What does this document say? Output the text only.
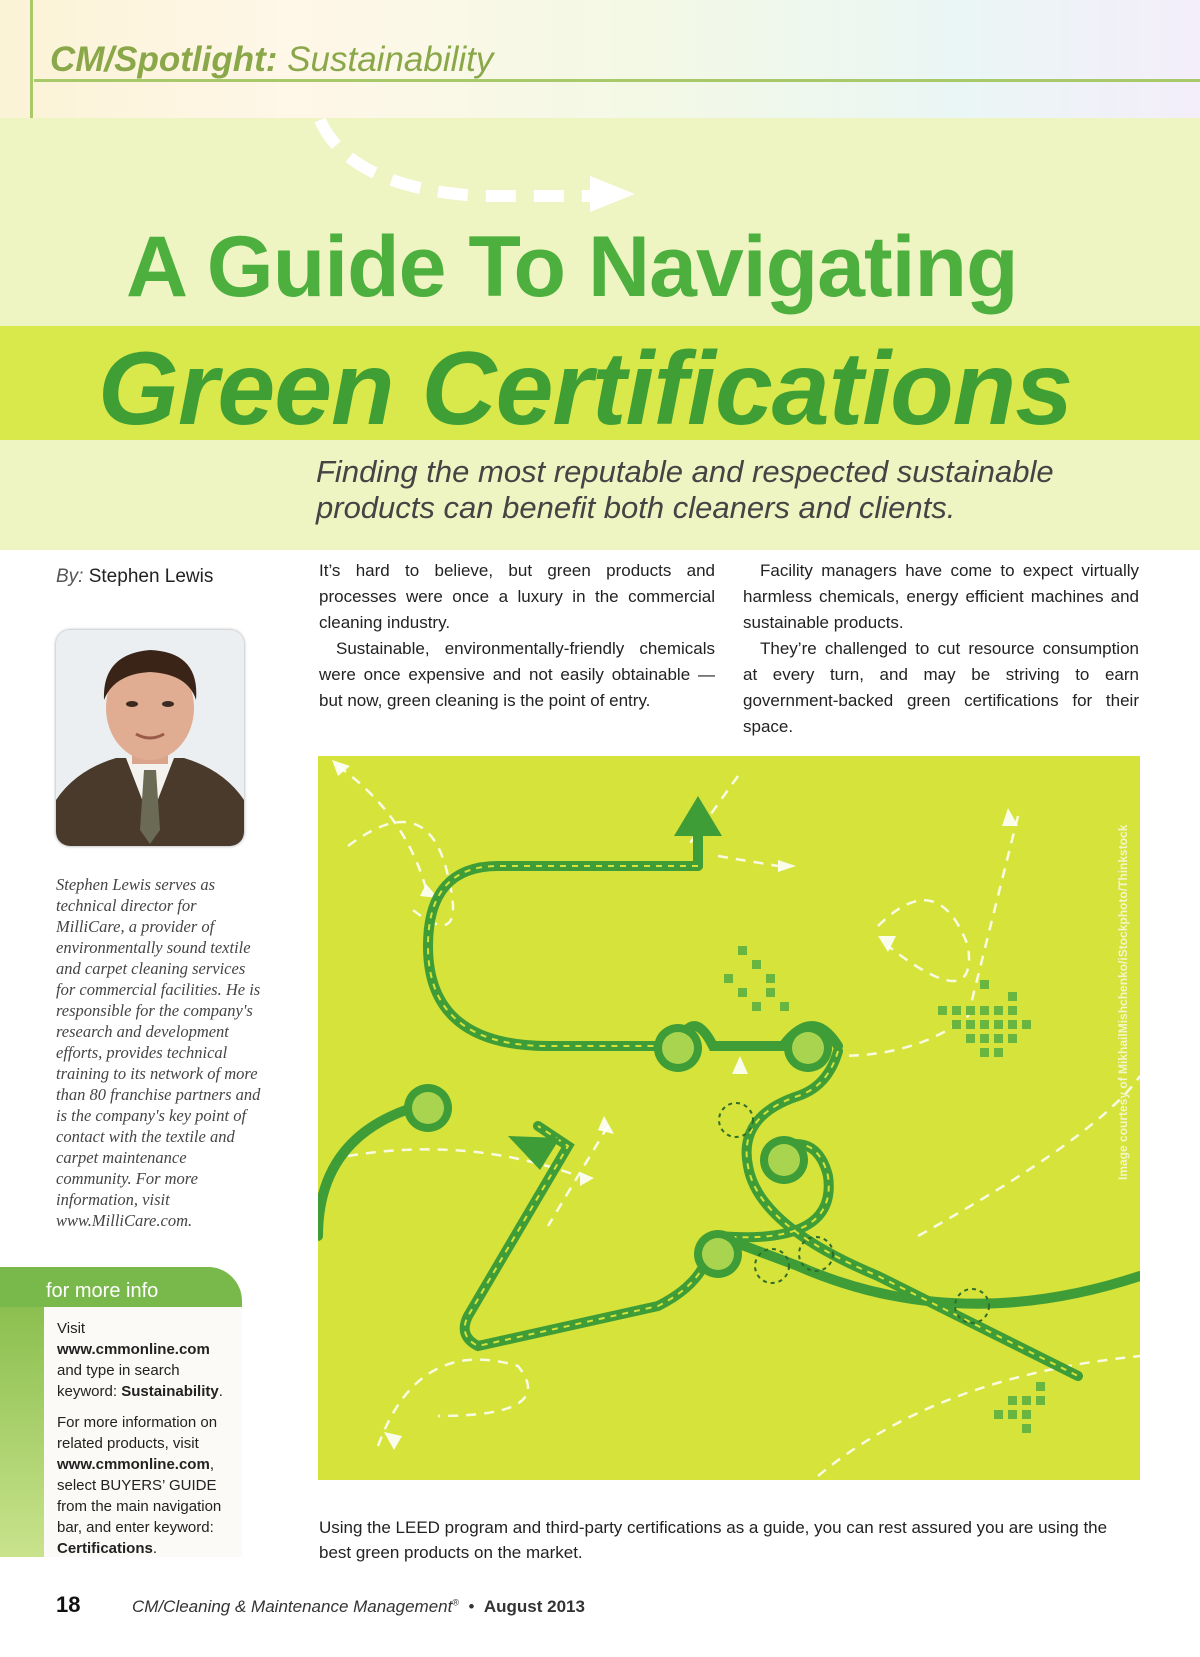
CM/Spotlight: Sustainability
A Guide To Navigating
Green Certifications
Finding the most reputable and respected sustainable products can benefit both cleaners and clients.
By: Stephen Lewis
Stephen Lewis serves as technical director for MilliCare, a provider of environmentally sound textile and carpet cleaning services for commercial facilities. He is responsible for the company's research and development efforts, provides technical training to its network of more than 80 franchise partners and is the company's key point of contact with the textile and carpet maintenance community. For more information, visit www.MilliCare.com.
for more info

Visit www.cmmonline.com and type in search keyword: Sustainability.

For more information on related products, visit www.cmmonline.com, select BUYERS’ GUIDE from the main navigation bar, and enter keyword: Certifications.

It’s hard to believe, but green products and processes were once a luxury in the commercial cleaning industry.

Sustainable, environmentally-friendly chemicals were once expensive and not easily obtainable — but now, green cleaning is the point of entry.

Facility managers have come to expect virtually harmless chemicals, energy efficient machines and sustainable products.

They’re challenged to cut resource consumption at every turn, and may be striving to earn government-backed green certifications for their space.

Image courtesy of MikhailMishchenko/iStockphoto/Thinkstock
Using the LEED program and third-party certifications as a guide, you can rest assured you are using the best green products on the market.
18	CM/Cleaning & Maintenance Management® • August 2013
